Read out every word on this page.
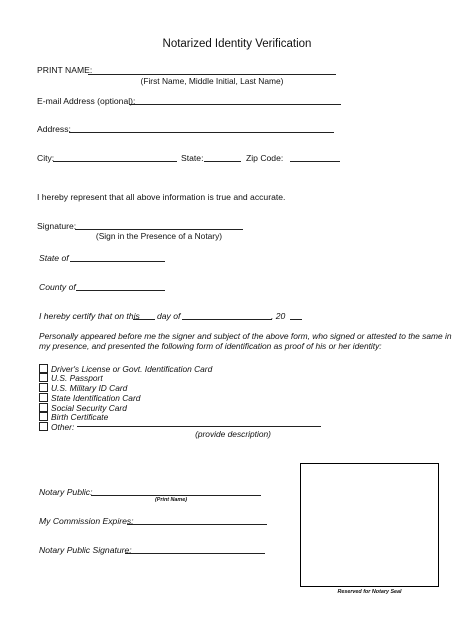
Notarized Identity Verification
PRINT NAME:
(First Name, Middle Initial, Last Name)
E-mail Address (optional):
Address:
City:	State:	Zip Code:
I hereby represent that all above information is true and accurate.
Signature:
(Sign in the Presence of a Notary)
State of
County of
I hereby certify that on this day of	, 20
Personally appeared before me the signer and subject of the above form, who signed or attested to the same in
my presence, and presented the following form of identification as proof of his or her identity:
Driver's License or Govt. Identification Card
U.S. Passport
U.S. Military ID Card
State Identification Card
Social Security Card
Birth Certificate
Other:
(provide description)
Notary Public:
(Print Name)
My Commission Expires:
Notary Public Signature:
Reserved for Notary Seal
